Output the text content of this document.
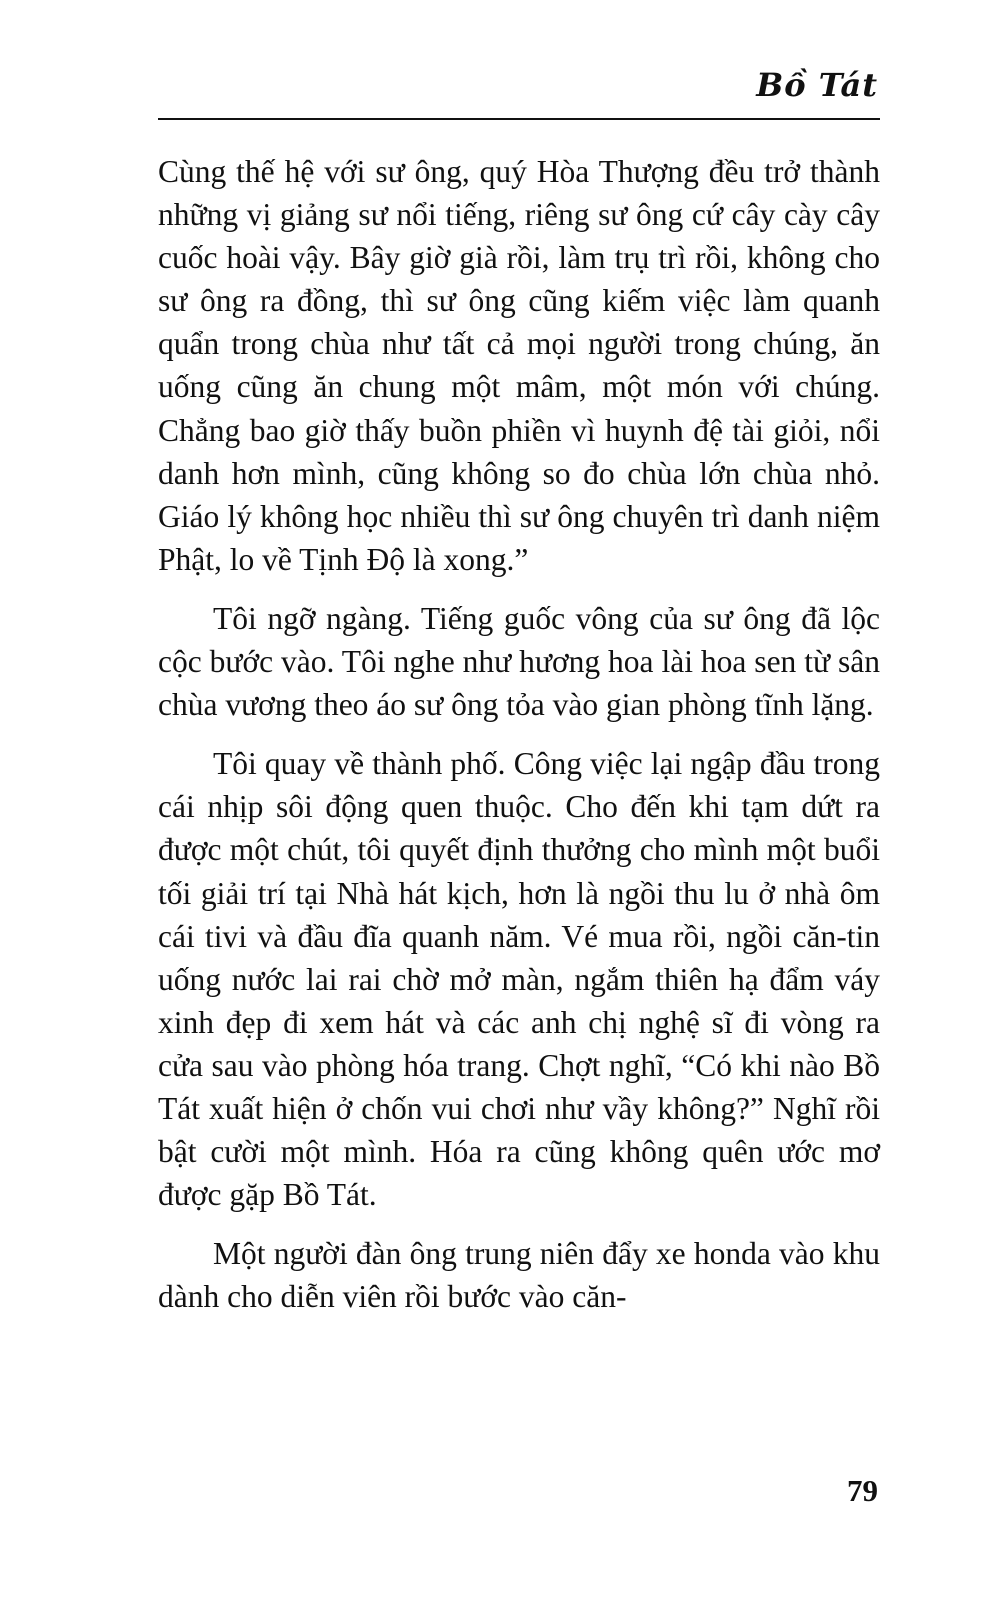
Bồ Tát

Cùng thế hệ với sư ông, quý Hòa Thượng đều trở thành những vị giảng sư nổi tiếng, riêng sư ông cứ cây cày cây cuốc hoài vậy. Bây giờ già rồi, làm trụ trì rồi, không cho sư ông ra đồng, thì sư ông cũng kiếm việc làm quanh quẩn trong chùa như tất cả mọi người trong chúng, ăn uống cũng ăn chung một mâm, một món với chúng. Chẳng bao giờ thấy buồn phiền vì huynh đệ tài giỏi, nổi danh hơn mình, cũng không so đo chùa lớn chùa nhỏ. Giáo lý không học nhiều thì sư ông chuyên trì danh niệm Phật, lo về Tịnh Độ là xong.”

Tôi ngỡ ngàng. Tiếng guốc vông của sư ông đã lộc cộc bước vào. Tôi nghe như hương hoa lài hoa sen từ sân chùa vương theo áo sư ông tỏa vào gian phòng tĩnh lặng.

Tôi quay về thành phố. Công việc lại ngập đầu trong cái nhịp sôi động quen thuộc. Cho đến khi tạm dứt ra được một chút, tôi quyết định thưởng cho mình một buổi tối giải trí tại Nhà hát kịch, hơn là ngồi thu lu ở nhà ôm cái tivi và đầu đĩa quanh năm. Vé mua rồi, ngồi căn-tin uống nước lai rai chờ mở màn, ngắm thiên hạ đẩm váy xinh đẹp đi xem hát và các anh chị nghệ sĩ đi vòng ra cửa sau vào phòng hóa trang. Chợt nghĩ, “Có khi nào Bồ Tát xuất hiện ở chốn vui chơi như vầy không?” Nghĩ rồi bật cười một mình. Hóa ra cũng không quên ước mơ được gặp Bồ Tát.

Một người đàn ông trung niên đẩy xe honda vào khu dành cho diễn viên rồi bước vào căn-

79
